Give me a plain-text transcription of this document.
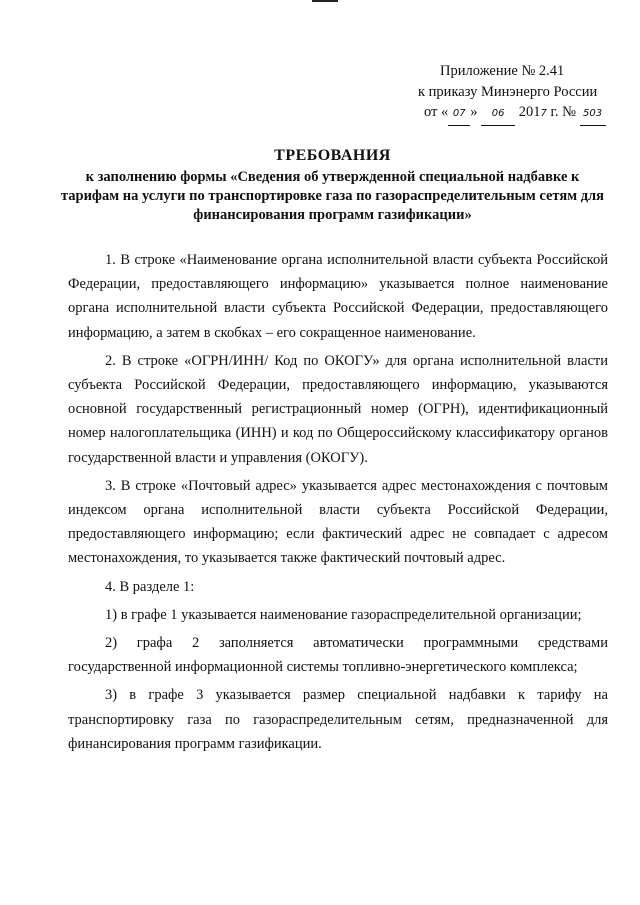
Приложение № 2.41
к приказу Минэнерго России
от « 07 » 06 2017 г. № 503
ТРЕБОВАНИЯ
к заполнению формы «Сведения об утвержденной специальной надбавке к тарифам на услуги по транспортировке газа по газораспределительным сетям для финансирования программ газификации»
1. В строке «Наименование органа исполнительной власти субъекта Российской Федерации, предоставляющего информацию» указывается полное наименование органа исполнительной власти субъекта Российской Федерации, предоставляющего информацию, а затем в скобках – его сокращенное наименование.
2. В строке «ОГРН/ИНН/ Код по ОКОГУ» для органа исполнительной власти субъекта Российской Федерации, предоставляющего информацию, указываются основной государственный регистрационный номер (ОГРН), идентификационный номер налогоплательщика (ИНН) и код по Общероссийскому классификатору органов государственной власти и управления (ОКОГУ).
3. В строке «Почтовый адрес» указывается адрес местонахождения с почтовым индексом органа исполнительной власти субъекта Российской Федерации, предоставляющего информацию; если фактический адрес не совпадает с адресом местонахождения, то указывается также фактический почтовый адрес.
4. В разделе 1:
1) в графе 1 указывается наименование газораспределительной организации;
2) графа 2 заполняется автоматически программными средствами государственной информационной системы топливно-энергетического комплекса;
3) в графе 3 указывается размер специальной надбавки к тарифу на транспортировку газа по газораспределительным сетям, предназначенной для финансирования программ газификации.
